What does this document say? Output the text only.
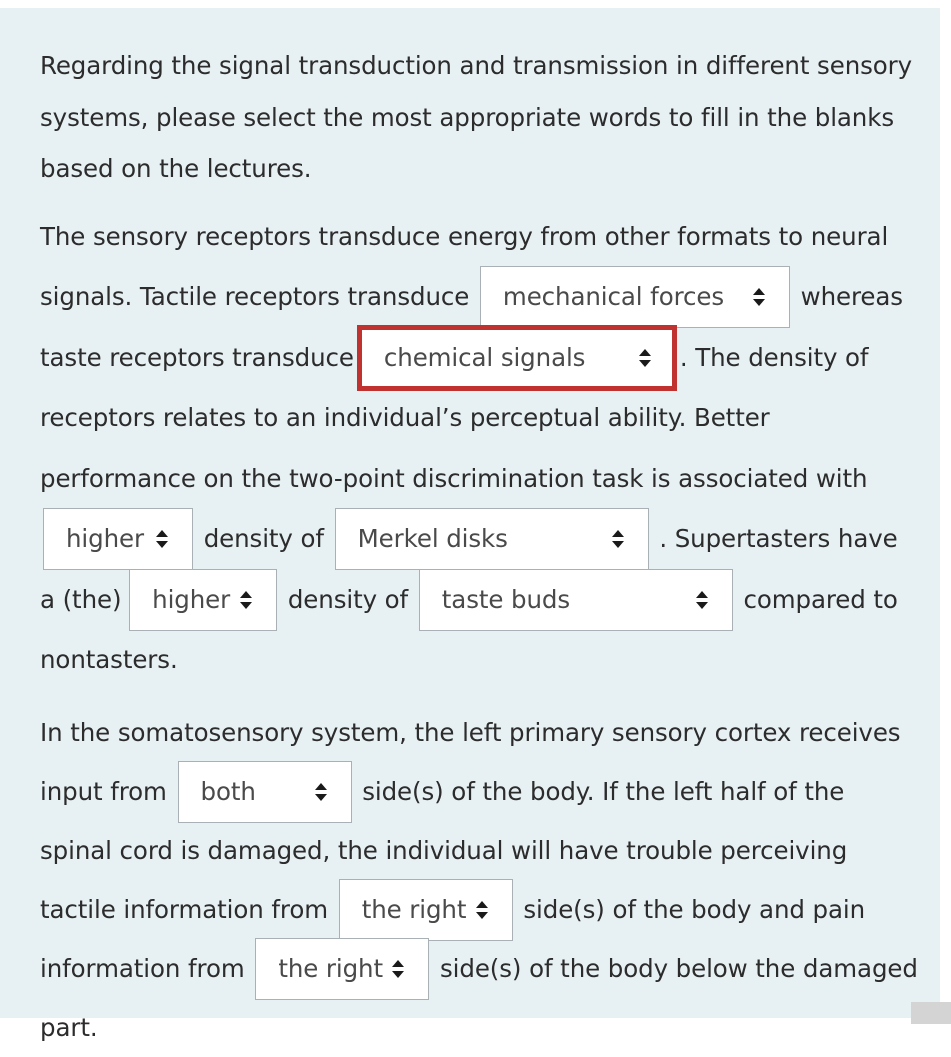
Regarding the signal transduction and transmission in different sensory systems, please select the most appropriate words to fill in the blanks based on the lectures.

The sensory receptors transduce energy from other formats to neural signals. Tactile receptors transduce mechanical forces	whereas taste receptors transduce chemical signals	. The density of receptors relates to an individual’s perceptual ability. Better performance on the two-point discrimination task is associated with higher density of Merkel disks	. Supertasters have a (the) higher density of taste buds	compared to nontasters.

In the somatosensory system, the left primary sensory cortex receives input from both	side(s) of the body. If the left half of the spinal cord is damaged, the individual will have trouble perceiving tactile information from the right side(s) of the body and pain information from the right side(s) of the body below the damaged part.
